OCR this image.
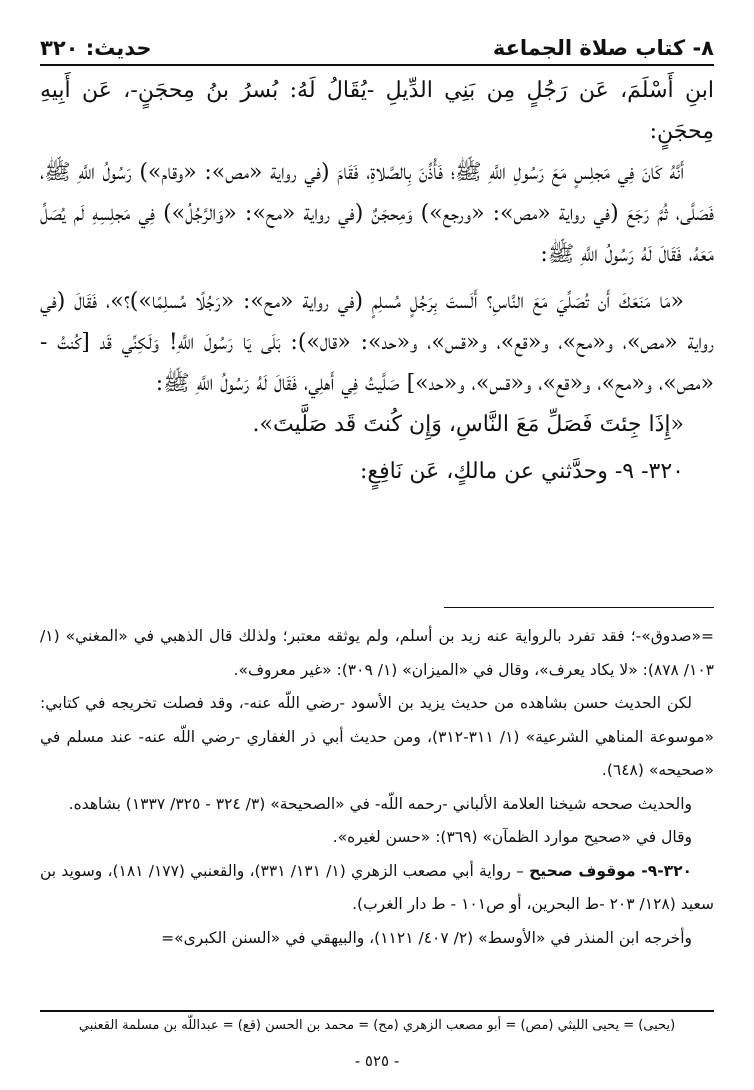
٨- كتاب صلاة الجماعة
حديث: ٣٢٠

ابنِ أَسْلَمَ، عَن رَجُلٍ مِن بَنِي الدِّيلِ -يُقَالُ لَهُ: بُسرُ بنُ مِحجَنٍ-، عَن أَبِيهِ مِحجَنٍ:

أَنَّهُ كَانَ فِي مَجلِسٍ مَعَ رَسُولِ اللَّهِ ﷺ؛ فَأُذِّنَ بِالصَّلاةِ، فَقَامَ (في رواية «مص»: «وقام») رَسُولُ اللَّهِ ﷺ، فَصَلَّى، ثُمَّ رَجَعَ (في رواية «مص»: «ورجع») وَمِحجَنٌ (في رواية «مح»: «وَالرَّجُلُ») فِي مَجلِسِهِ لَم يُصَلِّ مَعَهُ، فَقَالَ لَهُ رَسُولُ اللَّهِ ﷺ:

«مَا مَنَعَكَ أَن تُصَلِّيَ مَعَ النَّاسِ؟ أَلَستَ بِرَجُلٍ مُسلِمٍ (في رواية «مح»: «رَجُلًا مُسلِمًا»)؟»، فَقَالَ (في رواية «مص»، و«مح»، و«قع»، و«قس»، و«حد»: «قال»): بَلَى يَا رَسُولَ اللَّهِ! وَلَكِنِّي قَد [كُنتُ - «مص»، و«مح»، و«قع»، و«قس»، و«حد»] صَلَّيتُ فِي أَهلِي، فَقَالَ لَهُ رَسُولُ اللَّهِ ﷺ:

«إِذَا جِئتَ فَصَلِّ مَعَ النَّاسِ، وَإِن كُنتَ قَد صَلَّيتَ».

٣٢٠- ٩- وحدَّثني عن مالكٍ، عَن نَافِعٍ:

=«صدوق»-؛ فقد تفرد بالرواية عنه زيد بن أسلم، ولم يوثقه معتبر؛ ولذلك قال الذهبي في «المغني» (١/ ١٠٣/ ٨٧٨): «لا يكاد يعرف»، وقال في «الميزان» (١/ ٣٠٩): «غير معروف».

لكن الحديث حسن بشاهده من حديث يزيد بن الأسود -رضي اللّه عنه-، وقد فصلت تخريجه في كتابي: «موسوعة المناهي الشرعية» (١/ ٣١١-٣١٢)، ومن حديث أبي ذر الغفاري -رضي اللّه عنه- عند مسلم في «صحيحه» (٦٤٨).

والحديث صححه شيخنا العلامة الألباني -رحمه اللّه- في «الصحيحة» (٣/ ٣٢٤ - ٣٢٥/ ١٣٣٧) بشاهده.

وقال في «صحيح موارد الظمآن» (٣٦٩): «حسن لغيره».

٣٢٠-٩- موقوف صحيح – رواية أبي مصعب الزهري (١/ ١٣١/ ٣٣١)، والقعنبي (١٧٧/ ١٨١)، وسويد بن سعيد (١٢٨/ ٢٠٣ -ط البحرين، أو ص١٠١ - ط دار الغرب).

وأخرجه ابن المنذر في «الأوسط» (٢/ ٤٠٧/ ١١٢١)، والبيهقي في «السنن الكبرى»=

(يحيى) = يحيى الليثي (مص) = أبو مصعب الزهري (مح) = محمد بن الحسن (قع) = عبداللّه بن مسلمة القعنبي
- ٥٢٥ -
